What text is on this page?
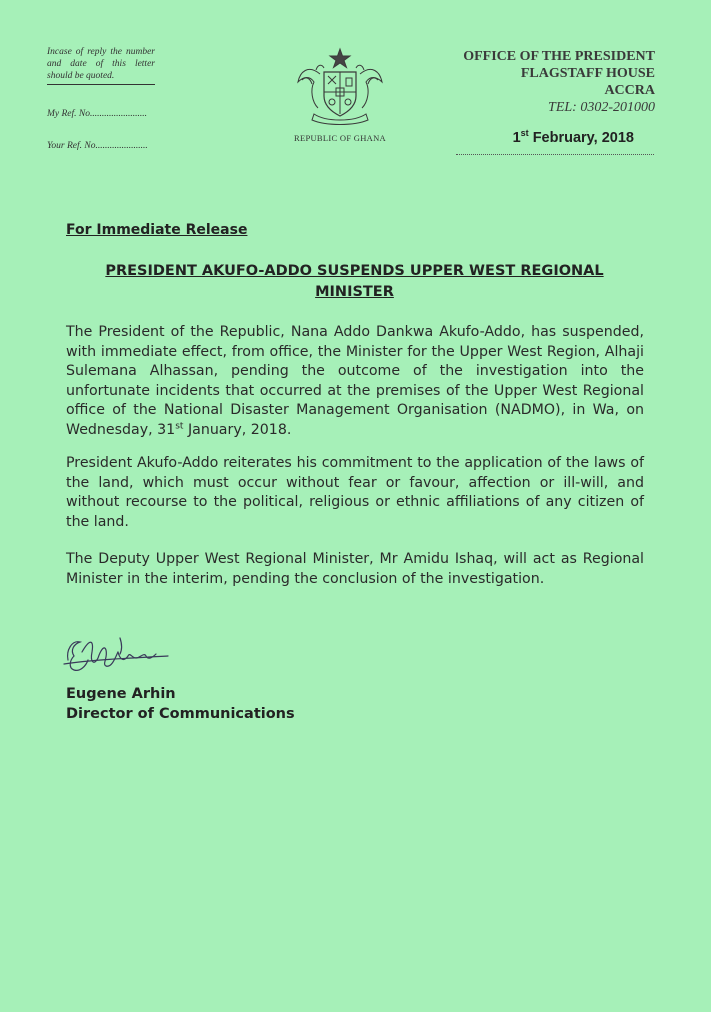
Incase of reply the number and date of this letter should be quoted.
My Ref. No........................
Your Ref. No......................
REPUBLIC OF GHANA
OFFICE OF THE PRESIDENT
FLAGSTAFF HOUSE
ACCRA
TEL: 0302-201000
1st February, 2018
For Immediate Release
PRESIDENT AKUFO-ADDO SUSPENDS UPPER WEST REGIONAL
MINISTER
The President of the Republic, Nana Addo Dankwa Akufo-Addo, has suspended, with immediate effect, from office, the Minister for the Upper West Region, Alhaji Sulemana Alhassan, pending the outcome of the investigation into the unfortunate incidents that occurred at the premises of the Upper West Regional office of the National Disaster Management Organisation (NADMO), in Wa, on Wednesday, 31st January, 2018.
President Akufo-Addo reiterates his commitment to the application of the laws of the land, which must occur without fear or favour, affection or ill-will, and without recourse to the political, religious or ethnic affiliations of any citizen of the land.
The Deputy Upper West Regional Minister, Mr Amidu Ishaq, will act as Regional Minister in the interim, pending the conclusion of the investigation.
Eugene Arhin
Director of Communications
